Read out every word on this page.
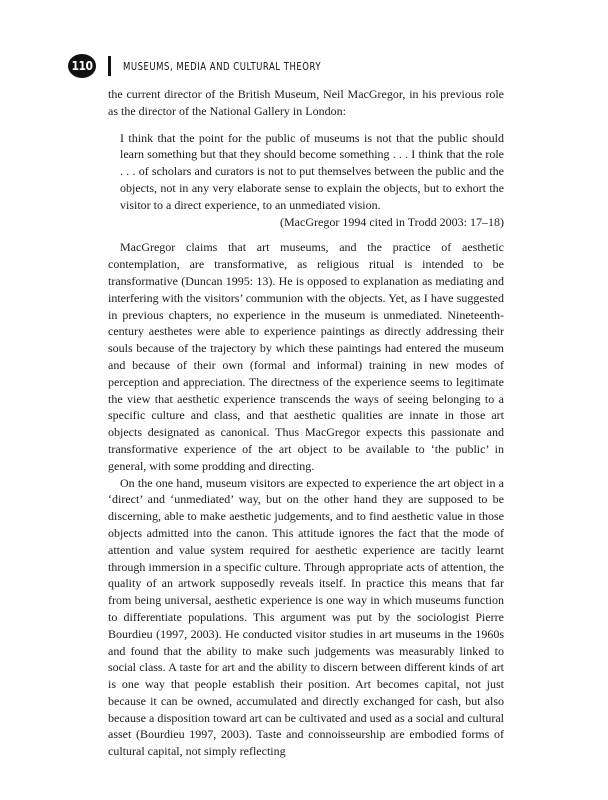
110	MUSEUMS, MEDIA AND CULTURAL THEORY

the current director of the British Museum, Neil MacGregor, in his previous role as the director of the National Gallery in London:

I think that the point for the public of museums is not that the public should learn something but that they should become something . . . I think that the role . . . of scholars and curators is not to put themselves between the public and the objects, not in any very elaborate sense to explain the objects, but to exhort the visitor to a direct experience, to an unmediated vision.

(MacGregor 1994 cited in Trodd 2003: 17–18)

MacGregor claims that art museums, and the practice of aesthetic contemplation, are transformative, as religious ritual is intended to be transformative (Duncan 1995: 13). He is opposed to explanation as mediating and interfering with the visitors’ communion with the objects. Yet, as I have suggested in previous chapters, no experience in the museum is unmediated. Nineteenth-century aesthetes were able to experience paintings as directly addressing their souls because of the trajectory by which these paintings had entered the museum and because of their own (formal and informal) training in new modes of perception and appreciation. The directness of the experience seems to legitimate the view that aesthetic experience transcends the ways of seeing belonging to a specific culture and class, and that aesthetic qualities are innate in those art objects designated as canonical. Thus MacGregor expects this passionate and transformative experience of the art object to be available to ‘the public’ in general, with some prodding and directing.

On the one hand, museum visitors are expected to experience the art object in a ‘direct’ and ‘unmediated’ way, but on the other hand they are supposed to be discerning, able to make aesthetic judgements, and to find aesthetic value in those objects admitted into the canon. This attitude ignores the fact that the mode of attention and value system required for aesthetic experience are tacitly learnt through immersion in a specific culture. Through appropriate acts of attention, the quality of an artwork supposedly reveals itself. In practice this means that far from being universal, aesthetic experience is one way in which museums function to differentiate populations. This argument was put by the sociologist Pierre Bourdieu (1997, 2003). He conducted visitor studies in art museums in the 1960s and found that the ability to make such judgements was measurably linked to social class. A taste for art and the ability to discern between different kinds of art is one way that people establish their position. Art becomes capital, not just because it can be owned, accumulated and directly exchanged for cash, but also because a disposition toward art can be cultivated and used as a social and cultural asset (Bourdieu 1997, 2003). Taste and connoisseurship are embodied forms of cultural capital, not simply reflecting
